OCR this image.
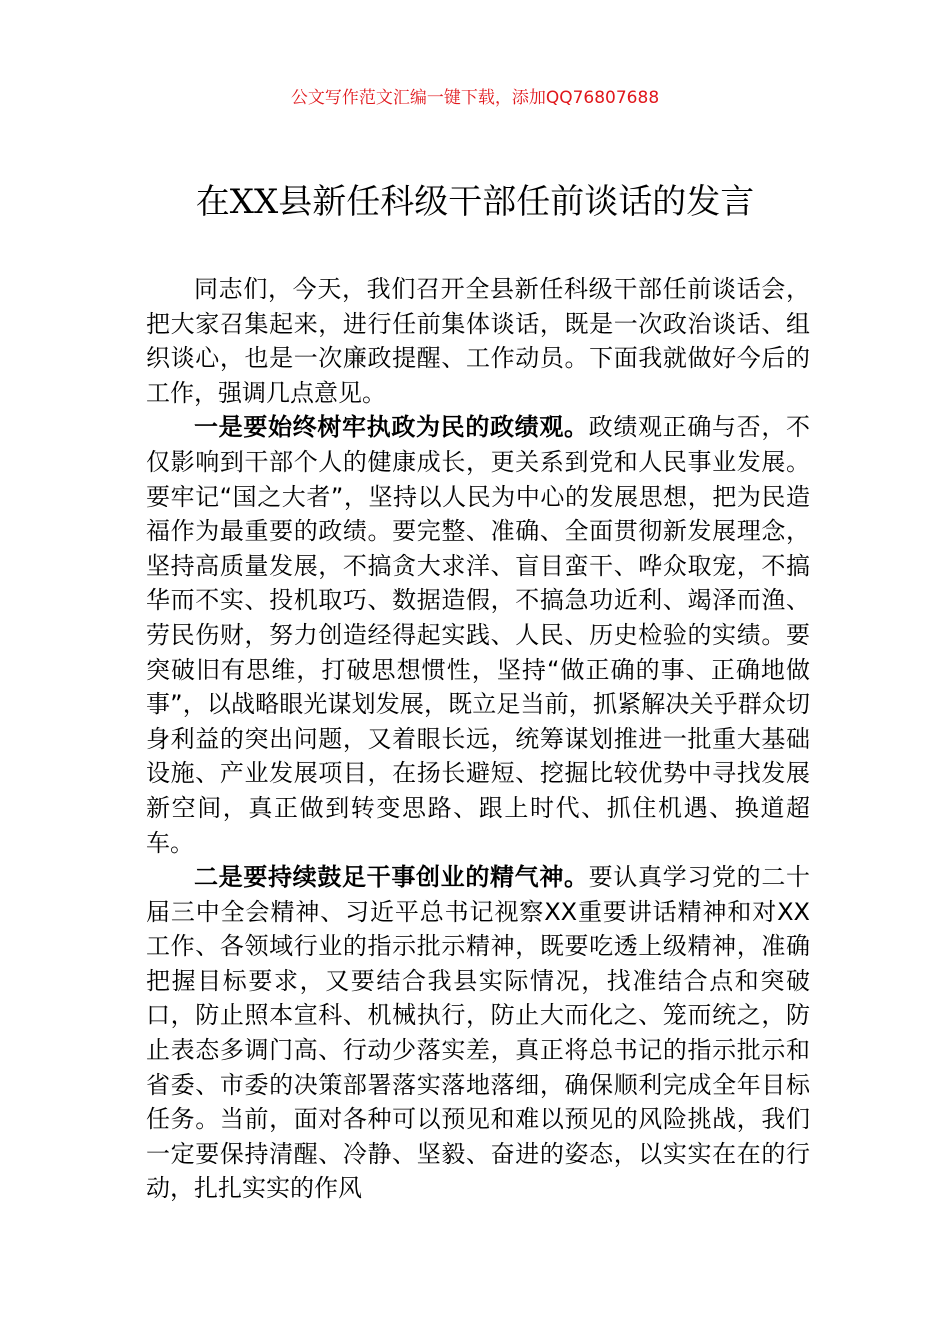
公文写作范文汇编一键下载，添加QQ76807688
在XX县新任科级干部任前谈话的发言

同志们，今天，我们召开全县新任科级干部任前谈话会，把大家召集起来，进行任前集体谈话，既是一次政治谈话、组织谈心，也是一次廉政提醒、工作动员。下面我就做好今后的工作，强调几点意见。

一是要始终树牢执政为民的政绩观。政绩观正确与否，不仅影响到干部个人的健康成长，更关系到党和人民事业发展。要牢记“国之大者”，坚持以人民为中心的发展思想，把为民造福作为最重要的政绩。要完整、准确、全面贯彻新发展理念，坚持高质量发展，不搞贪大求洋、盲目蛮干、哗众取宠，不搞华而不实、投机取巧、数据造假，不搞急功近利、竭泽而渔、劳民伤财，努力创造经得起实践、人民、历史检验的实绩。要突破旧有思维，打破思想惯性，坚持“做正确的事、正确地做事”，以战略眼光谋划发展，既立足当前，抓紧解决关乎群众切身利益的突出问题，又着眼长远，统筹谋划推进一批重大基础设施、产业发展项目，在扬长避短、挖掘比较优势中寻找发展新空间，真正做到转变思路、跟上时代、抓住机遇、换道超车。

二是要持续鼓足干事创业的精气神。要认真学习党的二十届三中全会精神、习近平总书记视察XX重要讲话精神和对XX工作、各领域行业的指示批示精神，既要吃透上级精神，准确把握目标要求，又要结合我县实际情况，找准结合点和突破口，防止照本宣科、机械执行，防止大而化之、笼而统之，防止表态多调门高、行动少落实差，真正将总书记的指示批示和省委、市委的决策部署落实落地落细，确保顺利完成全年目标任务。当前，面对各种可以预见和难以预见的风险挑战，我们一定要保持清醒、冷静、坚毅、奋进的姿态，以实实在在的行动，扎扎实实的作风
